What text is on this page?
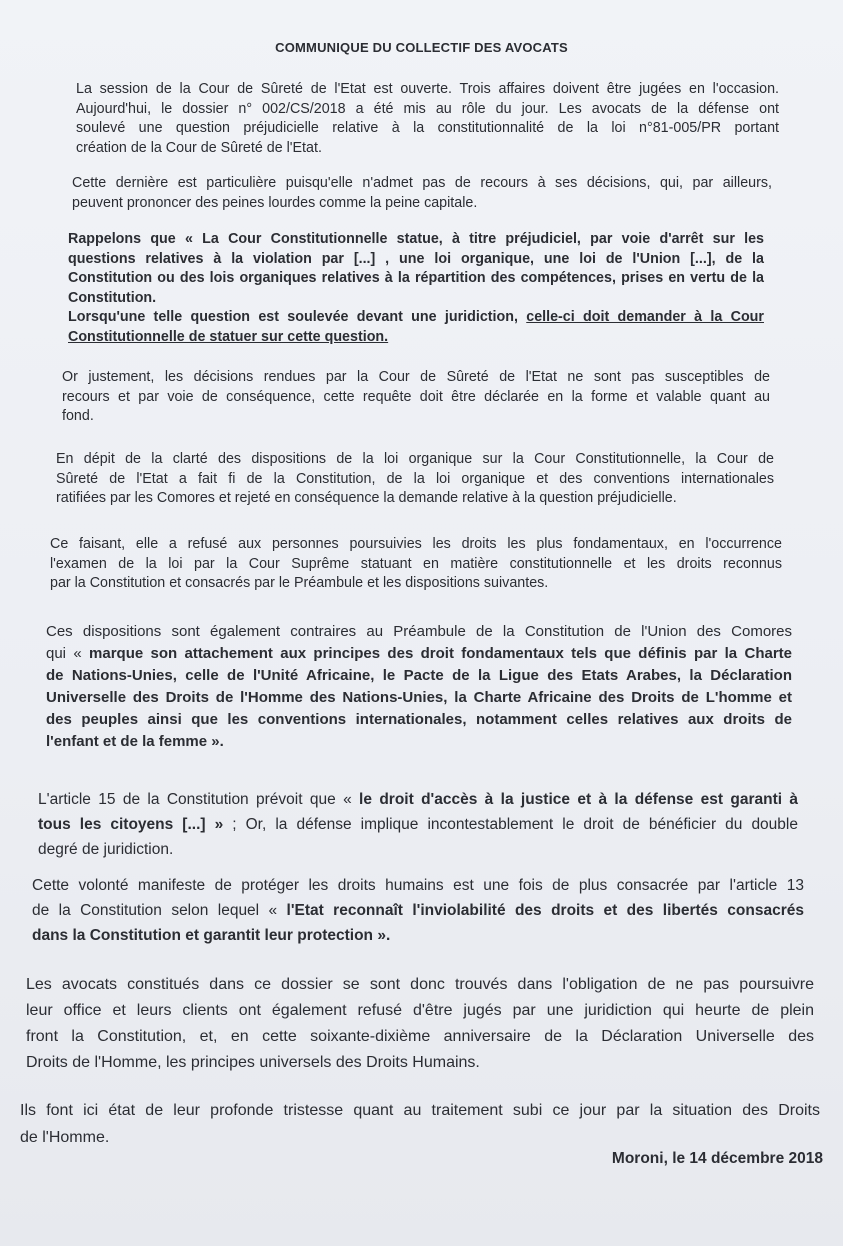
COMMUNIQUE DU COLLECTIF DES AVOCATS
La session de la Cour de Sûreté de l'Etat est ouverte. Trois affaires doivent être jugées en l'occasion.
Aujourd'hui, le dossier n° 002/CS/2018 a été mis au rôle du jour. Les avocats de la défense ont
soulevé une question préjudicielle relative à la constitutionnalité de la loi n°81-005/PR portant
création de la Cour de Sûreté de l'Etat.
Cette dernière est particulière puisqu'elle n'admet pas de recours à ses décisions, qui, par ailleurs,
peuvent prononcer des peines lourdes comme la peine capitale.
Rappelons que « La Cour Constitutionnelle statue, à titre préjudiciel, par voie d'arrêt sur les
questions relatives à la violation par [...] , une loi organique, une loi de l'Union [...], de la
Constitution ou des lois organiques relatives à la répartition des compétences, prises en vertu de la
Constitution.
Lorsqu'une telle question est soulevée devant une juridiction, celle-ci doit demander à la Cour
Constitutionnelle de statuer sur cette question.
Or justement, les décisions rendues par la Cour de Sûreté de l'Etat ne sont pas susceptibles de
recours et par voie de conséquence, cette requête doit être déclarée en la forme et valable quant au
fond.
En dépit de la clarté des dispositions de la loi organique sur la Cour Constitutionnelle, la Cour de
Sûreté de l'Etat a fait fi de la Constitution, de la loi organique et des conventions internationales
ratifiées par les Comores et rejeté en conséquence la demande relative à la question préjudicielle.
Ce faisant, elle a refusé aux personnes poursuivies les droits les plus fondamentaux, en l'occurrence
l'examen de la loi par la Cour Suprême statuant en matière constitutionnelle et les droits reconnus
par la Constitution et consacrés par le Préambule et les dispositions suivantes.
Ces dispositions sont également contraires au Préambule de la Constitution de l'Union des Comores
qui « marque son attachement aux principes des droit fondamentaux tels que définis par la Charte
de Nations-Unies, celle de l'Unité Africaine, le Pacte de la Ligue des Etats Arabes, la Déclaration
Universelle des Droits de l'Homme des Nations-Unies, la Charte Africaine des Droits de L'homme et
des peuples ainsi que les conventions internationales, notamment celles relatives aux droits de
l'enfant et de la femme ».
L'article 15 de la Constitution prévoit que « le droit d'accès à la justice et à la défense est garanti à
tous les citoyens [...] » ; Or, la défense implique incontestablement le droit de bénéficier du double
degré de juridiction.
Cette volonté manifeste de protéger les droits humains est une fois de plus consacrée par l'article 13
de la Constitution selon lequel « l'Etat reconnaît l'inviolabilité des droits et des libertés consacrés
dans la Constitution et garantit leur protection ».
Les avocats constitués dans ce dossier se sont donc trouvés dans l'obligation de ne pas poursuivre
leur office et leurs clients ont également refusé d'être jugés par une juridiction qui heurte de plein
front la Constitution, et, en cette soixante-dixième anniversaire de la Déclaration Universelle des
Droits de l'Homme, les principes universels des Droits Humains.
Ils font ici état de leur profonde tristesse quant au traitement subi ce jour par la situation des Droits
de l'Homme.
Moroni, le 14 décembre 2018
